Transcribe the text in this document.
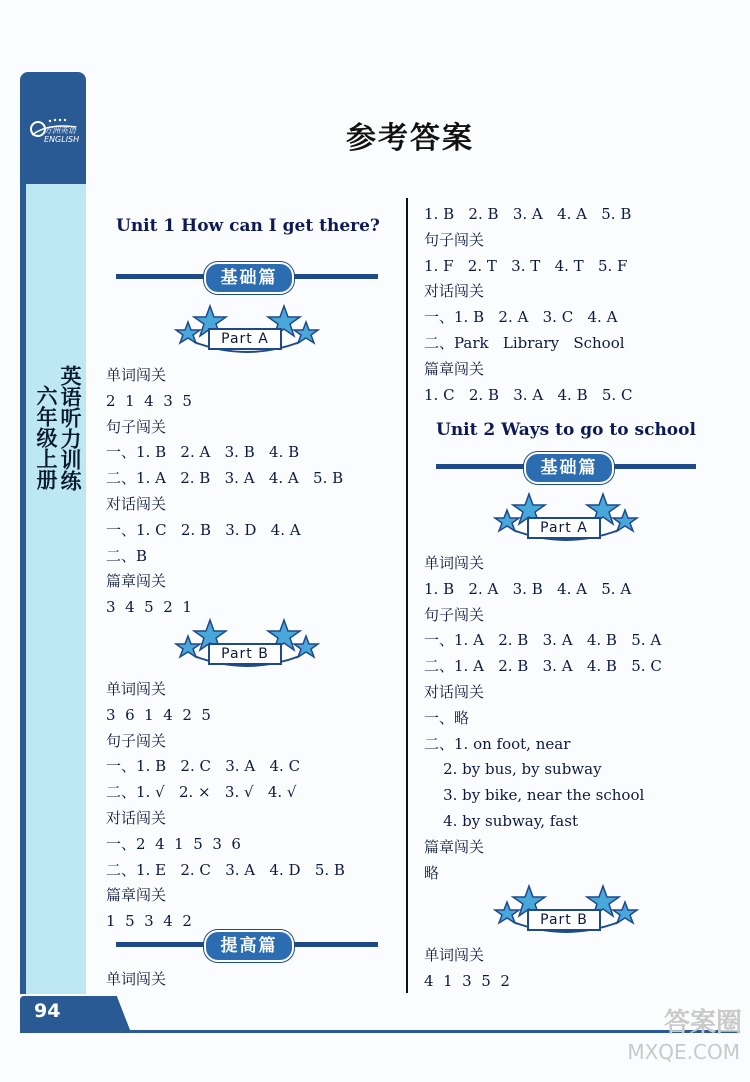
方洲英语 ENGLISH
英语听力训练
六年级上册
94
参考答案
Unit 1 How can I get there?
基础篇
Part A
单词闯关
2  1  4  3  5
句子闯关
一、1. B   2. A   3. B   4. B
二、1. A   2. B   3. A   4. A   5. B
对话闯关
一、1. C   2. B   3. D   4. A
二、B
篇章闯关
3  4  5  2  1
Part B
单词闯关
3  6  1  4  2  5
句子闯关
一、1. B   2. C   3. A   4. C
二、1. √   2. ×   3. √   4. √
对话闯关
一、2  4  1  5  3  6
二、1. E   2. C   3. A   4. D   5. B
篇章闯关
1  5  3  4  2
提高篇
单词闯关
1. B   2. B   3. A   4. A   5. B
句子闯关
1. F   2. T   3. T   4. T   5. F
对话闯关
一、1. B   2. A   3. C   4. A
二、Park   Library   School
篇章闯关
1. C   2. B   3. A   4. B   5. C
Unit 2 Ways to go to school
基础篇
Part A
单词闯关
1. B   2. A   3. B   4. A   5. A
句子闯关
一、1. A   2. B   3. A   4. B   5. A
二、1. A   2. B   3. A   4. B   5. C
对话闯关
一、略
二、1. on foot, near
2. by bus, by subway
3. by bike, near the school
4. by subway, fast
篇章闯关
略
Part B
单词闯关
4  1  3  5  2
答案圈
MXQE.COM
